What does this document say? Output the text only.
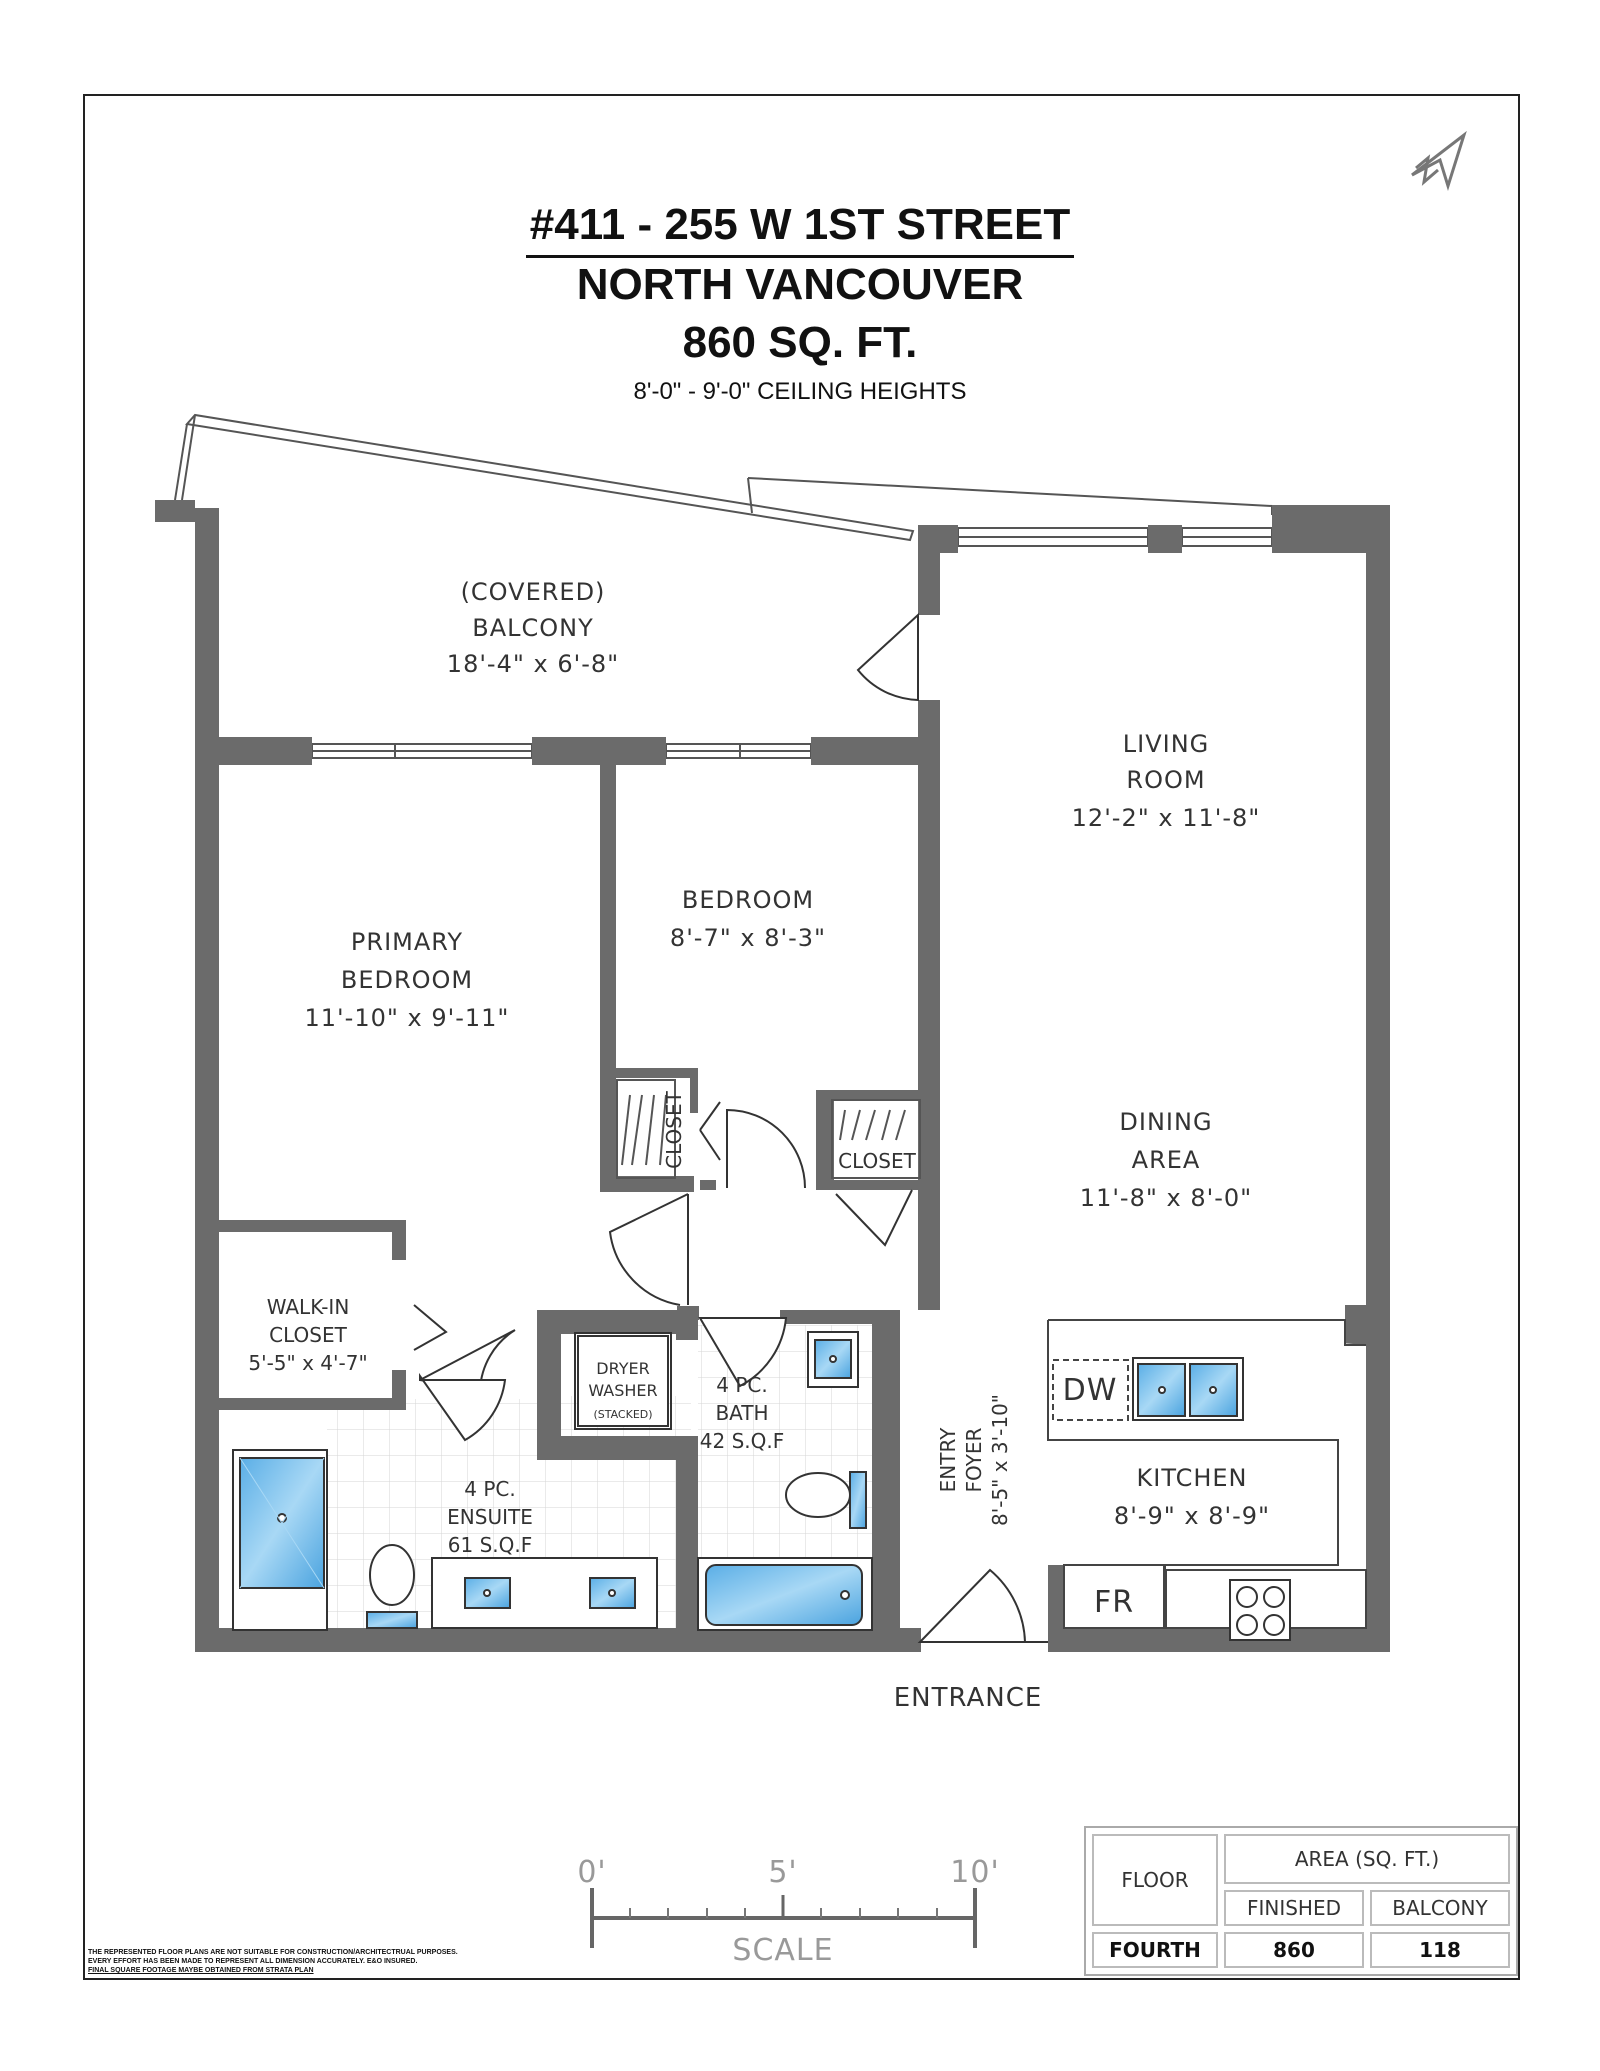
#411 - 255 W 1ST STREET
NORTH VANCOUVER
860 SQ. FT.
8'-0" - 9'-0" CEILING HEIGHTS
(COVERED)
BALCONY
18'-4" x 6'-8"
LIVING
ROOM
12'-2" x 11'-8"
BEDROOM
8'-7" x 8'-3"
PRIMARY
BEDROOM
11'-10" x 9'-11"
DINING
AREA
11'-8" x 8'-0"
WALK-IN
CLOSET
5'-5" x 4'-7"
CLOSET	CLOSET
DRYER
WASHER
(STACKED)
4 PC.
BATH
42 S.Q.F
4 PC.
ENSUITE
61 S.Q.F
ENTRY FOYER 8'-5" x 3'-10"	KITCHEN
8'-9" x 8'-9"
DW
FR
ENTRANCE
0'	5'	10'
SCALE
THE REPRESENTED FLOOR PLANS ARE NOT SUITABLE FOR CONSTRUCTION/ARCHITECTRUAL PURPOSES.
EVERY EFFORT HAS BEEN MADE TO REPRESENT ALL DIMENSION ACCURATELY. E&O INSURED.
FINAL SQUARE FOOTAGE MAYBE OBTAINED FROM STRATA PLAN
FLOOR	AREA (SQ. FT.)	
	FINISHED	BALCONY
FOURTH	860	118
